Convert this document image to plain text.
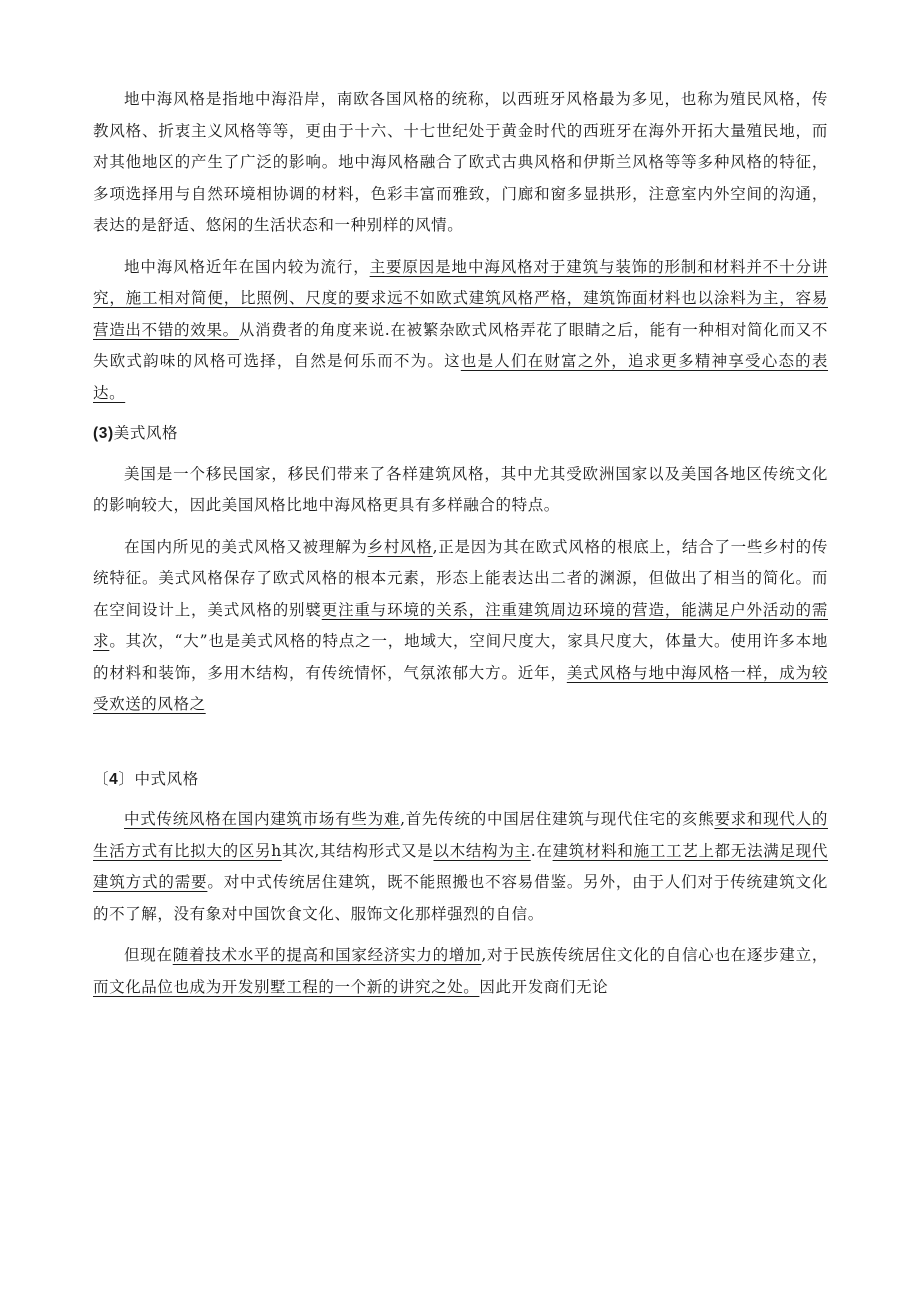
地中海风格是指地中海沿岸，南欧各国风格的统称，以西班牙风格最为多见，也称为殖民风格，传教风格、折衷主义风格等等，更由于十六、十七世纪处于黄金时代的西班牙在海外开拓大量殖民地，而对其他地区的产生了广泛的影响。地中海风格融合了欧式古典风格和伊斯兰风格等等多种风格的特征，多项选择用与自然环境相协调的材料，色彩丰富而雅致，门廊和窗多显拱形，注意室内外空间的沟通，表达的是舒适、悠闲的生活状态和一种别样的风情。

地中海风格近年在国内较为流行，主要原因是地中海风格对于建筑与装饰的形制和材料并不十分讲究，施工相对简便，比照例、尺度的要求远不如欧式建筑风格严格，建筑饰面材料也以涂料为主，容易营造出不错的效果。从消费者的角度来说.在被繁杂欧式风格弄花了眼睛之后，能有一种相对简化而又不失欧式韵味的风格可选择，自然是何乐而不为。这也是人们在财富之外，追求更多精神享受心态的表达。

(3)美式风格

美国是一个移民国家，移民们带来了各样建筑风格，其中尤其受欧洲国家以及美国各地区传统文化的影响较大，因此美国风格比地中海风格更具有多样融合的特点。

在国内所见的美式风格又被理解为乡村风格,正是因为其在欧式风格的根底上，结合了一些乡村的传统特征。美式风格保存了欧式风格的根本元素，形态上能表达出二者的渊源，但做出了相当的简化。而在空间设计上，美式风格的别襞更注重与环境的关系，注重建筑周边环境的营造，能满足户外活动的需求。其次，“大”也是美式风格的特点之一，地域大，空间尺度大，家具尺度大，体量大。使用许多本地的材料和装饰，多用木结构，有传统情怀，气氛浓郁大方。近年，美式风格与地中海风格一样，成为较受欢送的风格之

〔4〕中式风格

中式传统风格在国内建筑市场有些为难,首先传统的中国居住建筑与现代住宅的亥熊要求和现代人的生活方式有比拟大的区另h其次,其结构形式又是以木结构为主.在建筑材料和施工工艺上都无法满足现代建筑方式的需要。对中式传统居住建筑，既不能照搬也不容易借鉴。另外，由于人们对于传统建筑文化的不了解，没有象对中国饮食文化、服饰文化那样强烈的自信。

但现在随着技术水平的提高和国家经济实力的增加,对于民族传统居住文化的自信心也在逐步建立，而文化品位也成为开发别墅工程的一个新的讲究之处。因此开发商们无论
